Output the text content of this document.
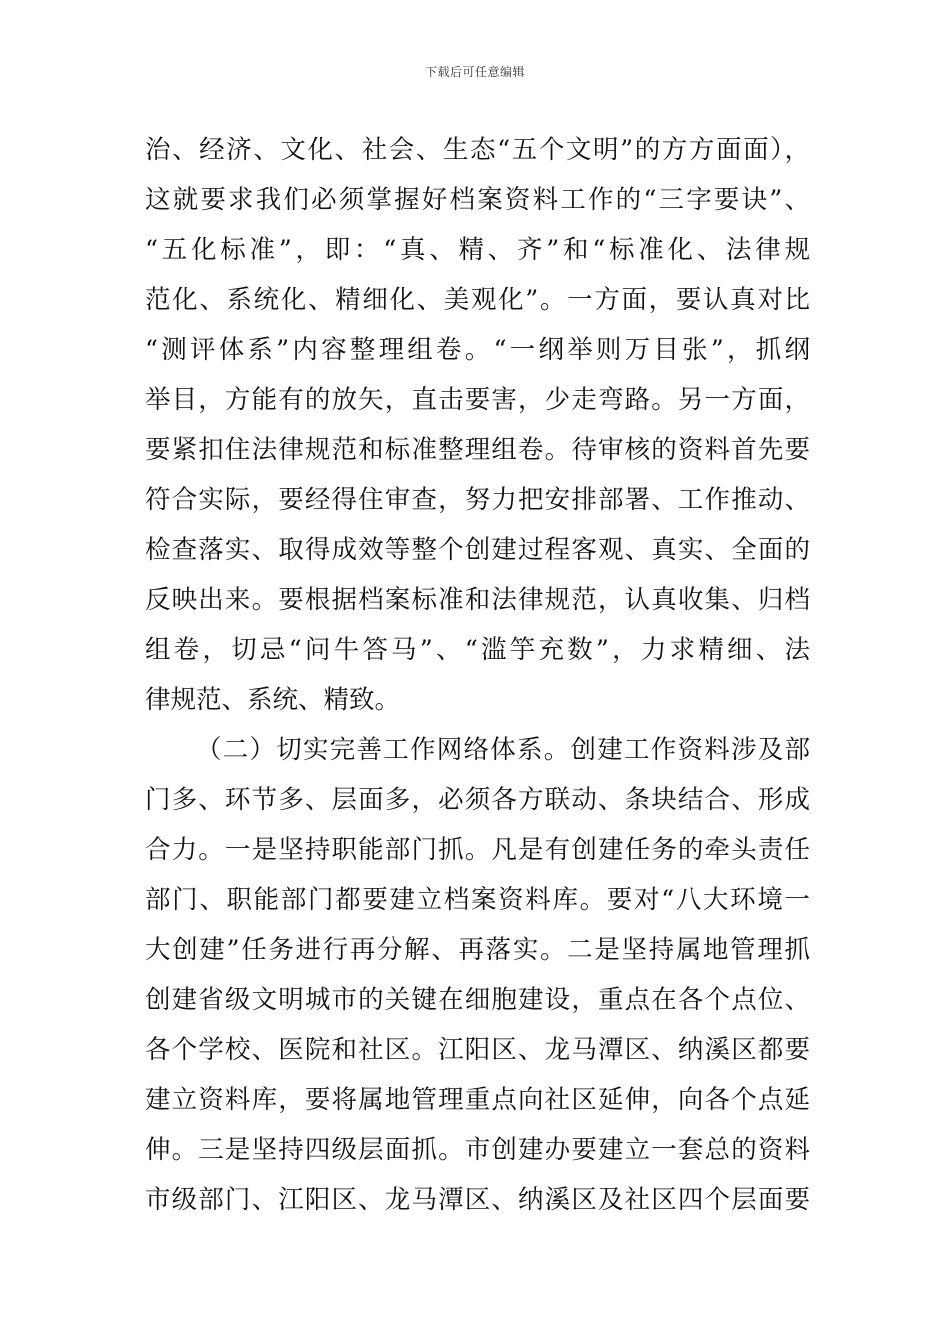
下载后可任意编辑
治、经济、文化、社会、生态“五个文明”的方方面面），
这就要求我们必须掌握好档案资料工作的“三字要诀”、
“五化标准”，即：“真、精、齐”和“标准化、法律规
范化、系统化、精细化、美观化”。一方面，要认真对比
“测评体系”内容整理组卷。“一纲举则万目张”，抓纲
举目，方能有的放矢，直击要害，少走弯路。另一方面，
要紧扣住法律规范和标准整理组卷。待审核的资料首先要
符合实际，要经得住审查，努力把安排部署、工作推动、
检查落实、取得成效等整个创建过程客观、真实、全面的
反映出来。要根据档案标准和法律规范，认真收集、归档
组卷，切忌“问牛答马”、“滥竽充数”，力求精细、法
律规范、系统、精致。
（二）切实完善工作网络体系。创建工作资料涉及部
门多、环节多、层面多，必须各方联动、条块结合、形成
合力。一是坚持职能部门抓。凡是有创建任务的牵头责任
部门、职能部门都要建立档案资料库。要对“八大环境一
大创建”任务进行再分解、再落实。二是坚持属地管理抓
创建省级文明城市的关键在细胞建设，重点在各个点位、
各个学校、医院和社区。江阳区、龙马潭区、纳溪区都要
建立资料库，要将属地管理重点向社区延伸，向各个点延
伸。三是坚持四级层面抓。市创建办要建立一套总的资料
市级部门、江阳区、龙马潭区、纳溪区及社区四个层面要
